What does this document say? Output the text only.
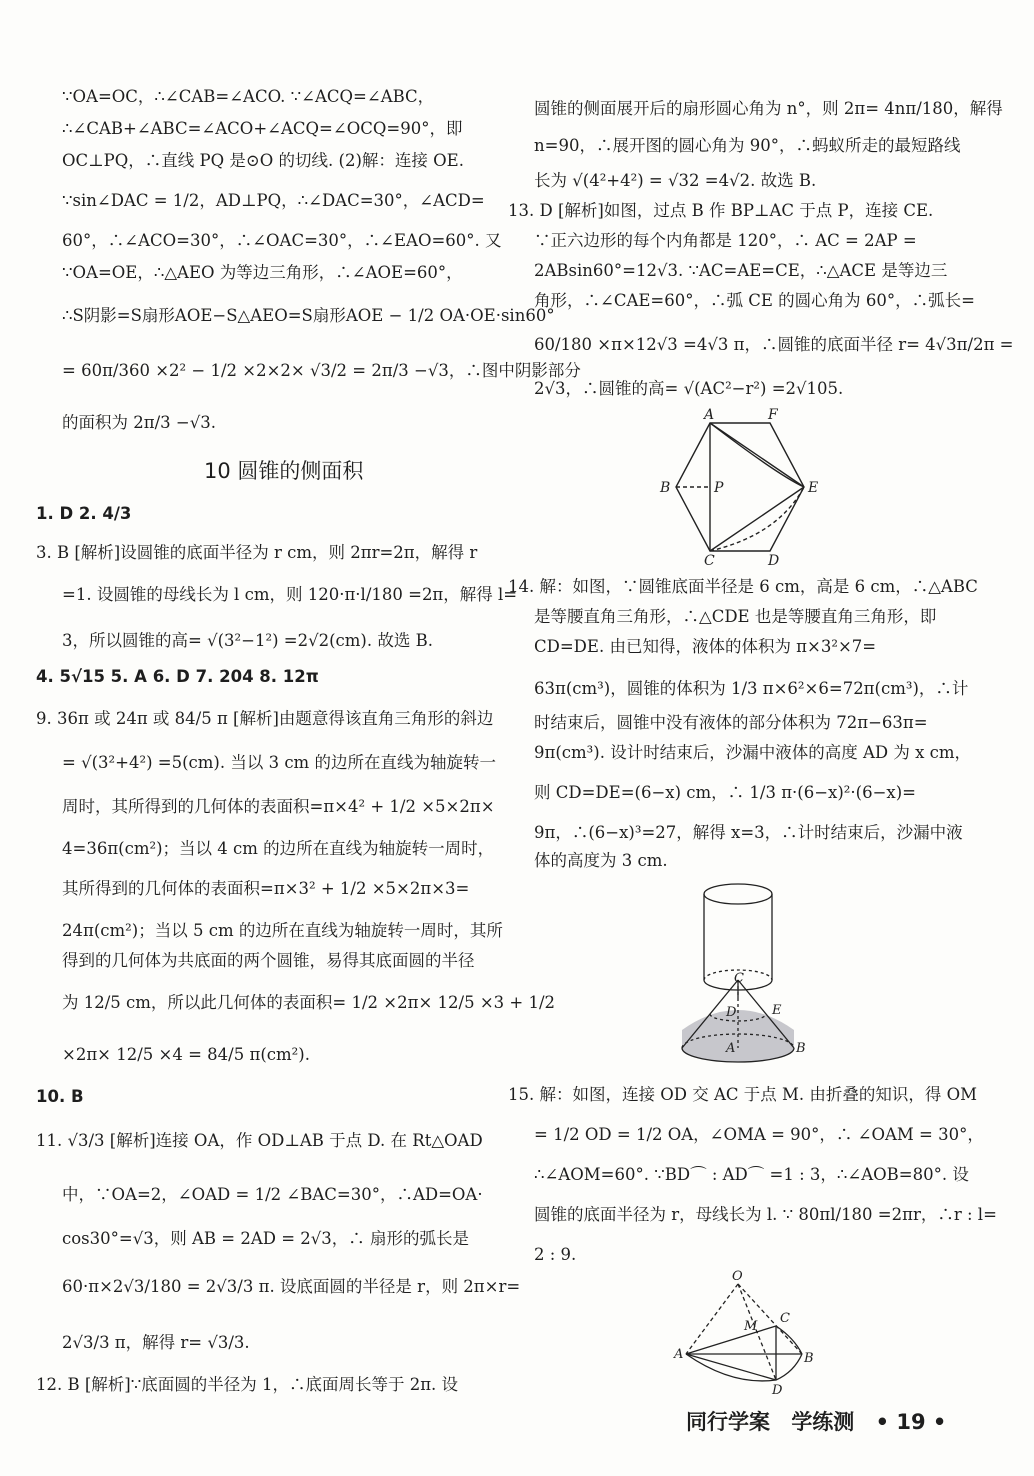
∵OA=OC，∴∠CAB=∠ACO. ∵∠ACQ=∠ABC，
∴∠CAB+∠ABC=∠ACO+∠ACQ=∠OCQ=90°，即
OC⊥PQ，∴直线 PQ 是⊙O 的切线. (2)解：连接 OE.
∵sin∠DAC = 1/2，AD⊥PQ，∴∠DAC=30°，∠ACD=
60°，∴∠ACO=30°，∴∠OAC=30°，∴∠EAO=60°. 又
∵OA=OE，∴△AEO 为等边三角形，∴∠AOE=60°，
∴S阴影=S扇形AOE−S△AEO=S扇形AOE − 1/2 OA·OE·sin60°
= 60π/360 ×2² − 1/2 ×2×2× √3/2 = 2π/3 −√3，∴图中阴影部分
的面积为 2π/3 −√3.
10 圆锥的侧面积
1. D 2. 4/3
3. B [解析]设圆锥的底面半径为 r cm，则 2πr=2π，解得 r
=1. 设圆锥的母线长为 l cm，则 120·π·l/180 =2π，解得 l=
3，所以圆锥的高= √(3²−1²) =2√2(cm). 故选 B.
4. 5√15 5. A 6. D 7. 204 8. 12π
9. 36π 或 24π 或 84/5 π [解析]由题意得该直角三角形的斜边
= √(3²+4²) =5(cm). 当以 3 cm 的边所在直线为轴旋转一
周时，其所得到的几何体的表面积=π×4² + 1/2 ×5×2π×
4=36π(cm²)；当以 4 cm 的边所在直线为轴旋转一周时，
其所得到的几何体的表面积=π×3² + 1/2 ×5×2π×3=
24π(cm²)；当以 5 cm 的边所在直线为轴旋转一周时，其所
得到的几何体为共底面的两个圆锥，易得其底面圆的半径
为 12/5 cm，所以此几何体的表面积= 1/2 ×2π× 12/5 ×3 + 1/2
×2π× 12/5 ×4 = 84/5 π(cm²).
10. B
11. √3/3 [解析]连接 OA，作 OD⊥AB 于点 D. 在 Rt△OAD
中，∵OA=2，∠OAD = 1/2 ∠BAC=30°，∴AD=OA·
cos30°=√3，则 AB = 2AD = 2√3，∴ 扇形的弧长是
60·π×2√3/180 = 2√3/3 π. 设底面圆的半径是 r，则 2π×r=
2√3/3 π，解得 r= √3/3.
12. B [解析]∵底面圆的半径为 1，∴底面周长等于 2π. 设
圆锥的侧面展开后的扇形圆心角为 n°，则 2π= 4nπ/180，解得
n=90，∴展开图的圆心角为 90°，∴蚂蚁所走的最短路线
长为 √(4²+4²) = √32 =4√2. 故选 B.
13. D [解析]如图，过点 B 作 BP⊥AC 于点 P，连接 CE.
∵正六边形的每个内角都是 120°，∴ AC = 2AP =
2ABsin60°=12√3. ∵AC=AE=CE，∴△ACE 是等边三
角形，∴∠CAE=60°，∴弧 CE 的圆心角为 60°，∴弧长=
60/180 ×π×12√3 =4√3 π，∴圆锥的底面半径 r= 4√3π/2π =
2√3，∴圆锥的高= √(AC²−r²) =2√105.
A	F
B	P	E
C	D
14. 解：如图，∵圆锥底面半径是 6 cm，高是 6 cm，∴△ABC
是等腰直角三角形，∴△CDE 也是等腰直角三角形，即
CD=DE. 由已知得，液体的体积为 π×3²×7=
63π(cm³)，圆锥的体积为 1/3 π×6²×6=72π(cm³)，∴计
时结束后，圆锥中没有液体的部分体积为 72π−63π=
9π(cm³). 设计时结束后，沙漏中液体的高度 AD 为 x cm，
则 CD=DE=(6−x) cm，∴ 1/3 π·(6−x)²·(6−x)=
9π，∴(6−x)³=27，解得 x=3，∴计时结束后，沙漏中液
体的高度为 3 cm.
C
D	E
A	B
15. 解：如图，连接 OD 交 AC 于点 M. 由折叠的知识，得 OM
= 1/2 OD = 1/2 OA，∠OMA = 90°，∴ ∠OAM = 30°，
∴∠AOM=60°. ∵BD⌒ : AD⌒ =1 : 3，∴∠AOB=80°. 设
圆锥的底面半径为 r，母线长为 l. ∵ 80πl/180 =2πr，∴r : l=
2 : 9.
O
C
M
A	B
D
同行学案 学练测 • 19 •
